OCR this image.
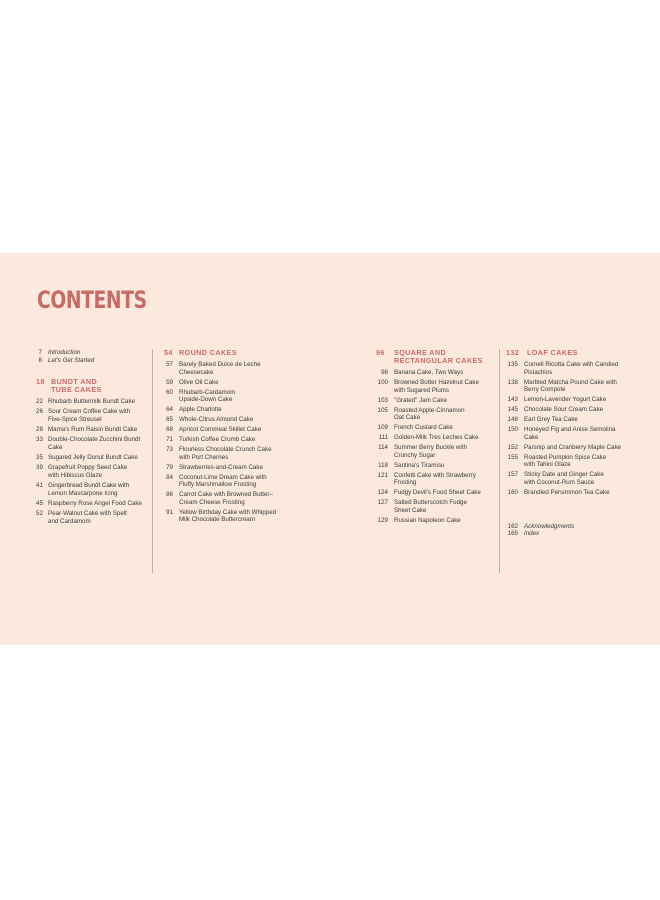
CONTENTS
7 Introduction
8 Let's Get Started
18 BUNDT AND
TUBE CAKES
22 Rhubarb Buttermilk Bundt Cake
26 Sour Cream Coffee Cake with
Five-Spice Streusel
28 Mama's Rum Raisin Bundt Cake
33 Double-Chocolate Zucchini Bundt
Cake
35 Sugared Jelly Donut Bundt Cake
39 Grapefruit Poppy Seed Cake
with Hibiscus Glaze
41 Gingerbread Bundt Cake with
Lemon Mascarpone Icing
45 Raspberry Rose Angel Food Cake
52 Pear-Walnut Cake with Spelt
and Cardamom
54 ROUND CAKES
57 Barely Baked Dulce de Leche
Cheesecake
59 Olive Oil Cake
60 Rhubarb-Cardamom
Upside-Down Cake
64 Apple Charlotte
65 Whole-Citrus Almond Cake
68 Apricot Cornmeal Skillet Cake
71 Turkish Coffee Crumb Cake
73 Flourless Chocolate Crunch Cake
with Port Cherries
79 Strawberries-and-Cream Cake
84 Coconut-Lime Dream Cake with
Fluffy Marshmallow Frosting
86 Carrot Cake with Browned Butter–
Cream Cheese Frosting
91 Yellow Birthday Cake with Whipped
Milk Chocolate Buttercream
96	SQUARE AND
RECTANGULAR CAKES
98 Banana Cake, Two Ways
100 Browned Butter Hazelnut Cake
with Sugared Plums
103 "Grated" Jam Cake
105 Roasted Apple-Cinnamon
Oat Cake
109 French Custard Cake
111 Golden-Milk Tres Leches Cake
114 Summer Berry Buckle with
Crunchy Sugar
118 Santina's Tiramisu
121 Confetti Cake with Strawberry
Frosting
124 Fudgy Devil's Food Sheet Cake
127 Salted Butterscotch Fudge
Sheet Cake
129 Russian Napoleon Cake
132	LOAF CAKES
135 Cornell Ricotta Cake with Candied
Pistachios
138 Marbled Matcha Pound Cake with
Berry Compote
143 Lemon-Lavender Yogurt Cake
145 Chocolate Sour Cream Cake
148 Earl Grey Tea Cake
150 Honeyed Fig and Anise Semolina
Cake
152 Parsnip and Cranberry Maple Cake
155 Roasted Pumpkin Spice Cake
with Tahini Glaze
157 Sticky Date and Ginger Cake
with Coconut-Rum Sauce
160 Brandied Persimmon Tea Cake
162 Acknowledgments
165 Index
